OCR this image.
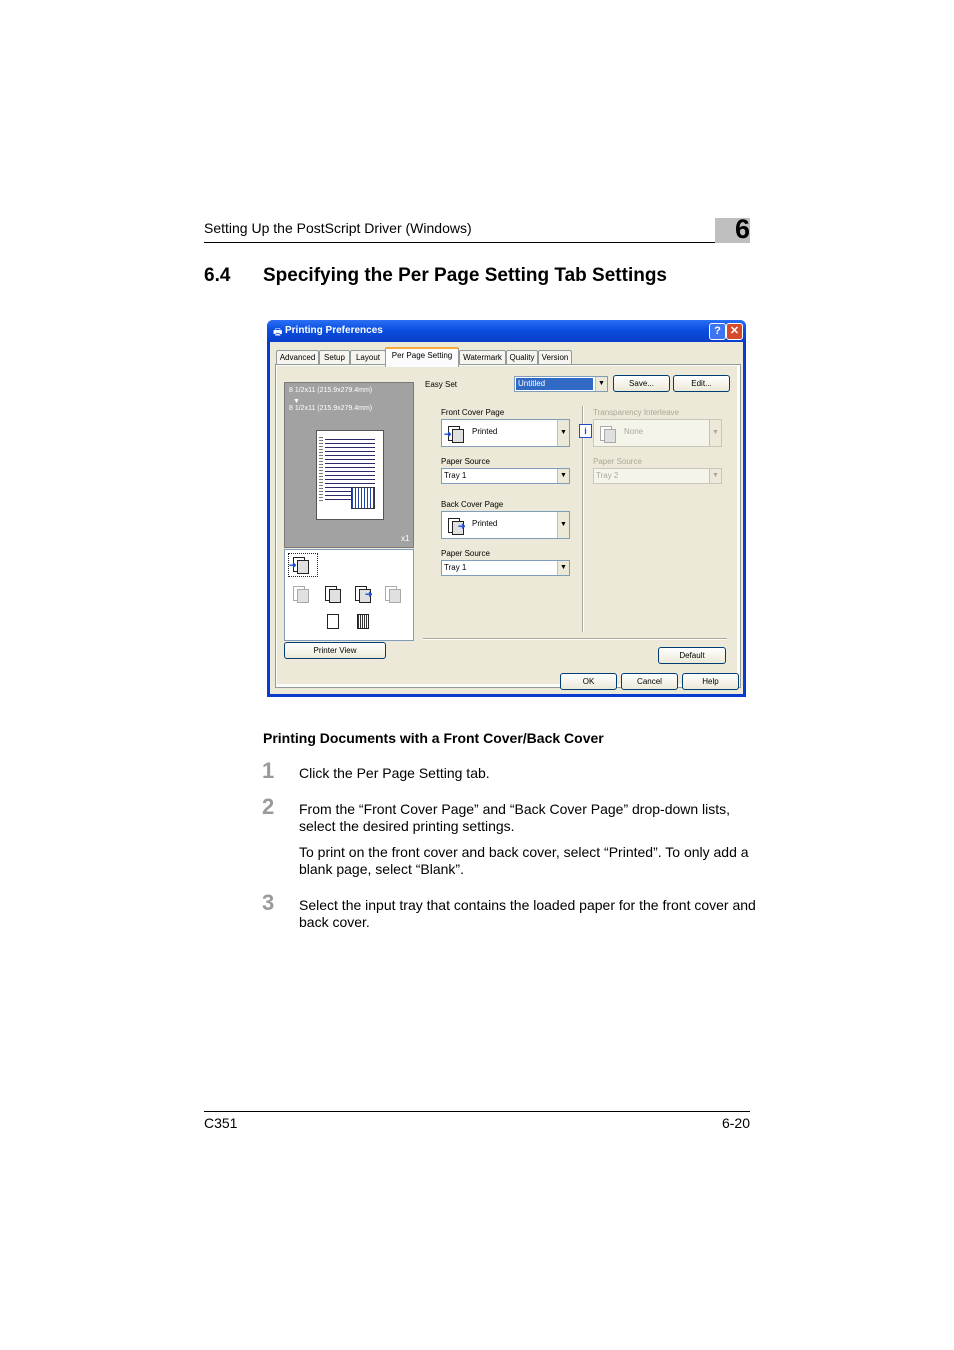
Setting Up the PostScript Driver (Windows)	6
6.4 Specifying the Per Page Setting Tab Settings
🖶 Printing Preferences	? ✕
Advanced	Setup	Layout	Per Page Setting	Watermark Quality Version
8 1/2x11 (215.9x279.4mm)
▼
8 1/2x11 (215.9x279.4mm)
x1
➜
➜
Printer View
Easy Set	Untitled	▼	Save...	Edit...
Front Cover Page
➜	Printed	▼
Paper Source
Tray 1	▼
Back Cover Page
➜ Printed	▼
Paper Source
Tray 1	▼
i
Transparency Interleave
None	▼
Paper Source
Tray 2	▼
Default
OK	Cancel	Help
Printing Documents with a Front Cover/Back Cover
1 Click the Per Page Setting tab.
2 From the “Front Cover Page” and “Back Cover Page” drop-down lists, select the desired printing settings.
To print on the front cover and back cover, select “Printed”. To only add a blank page, select “Blank”.
3 Select the input tray that contains the loaded paper for the front cover and back cover.
C351	6-20
